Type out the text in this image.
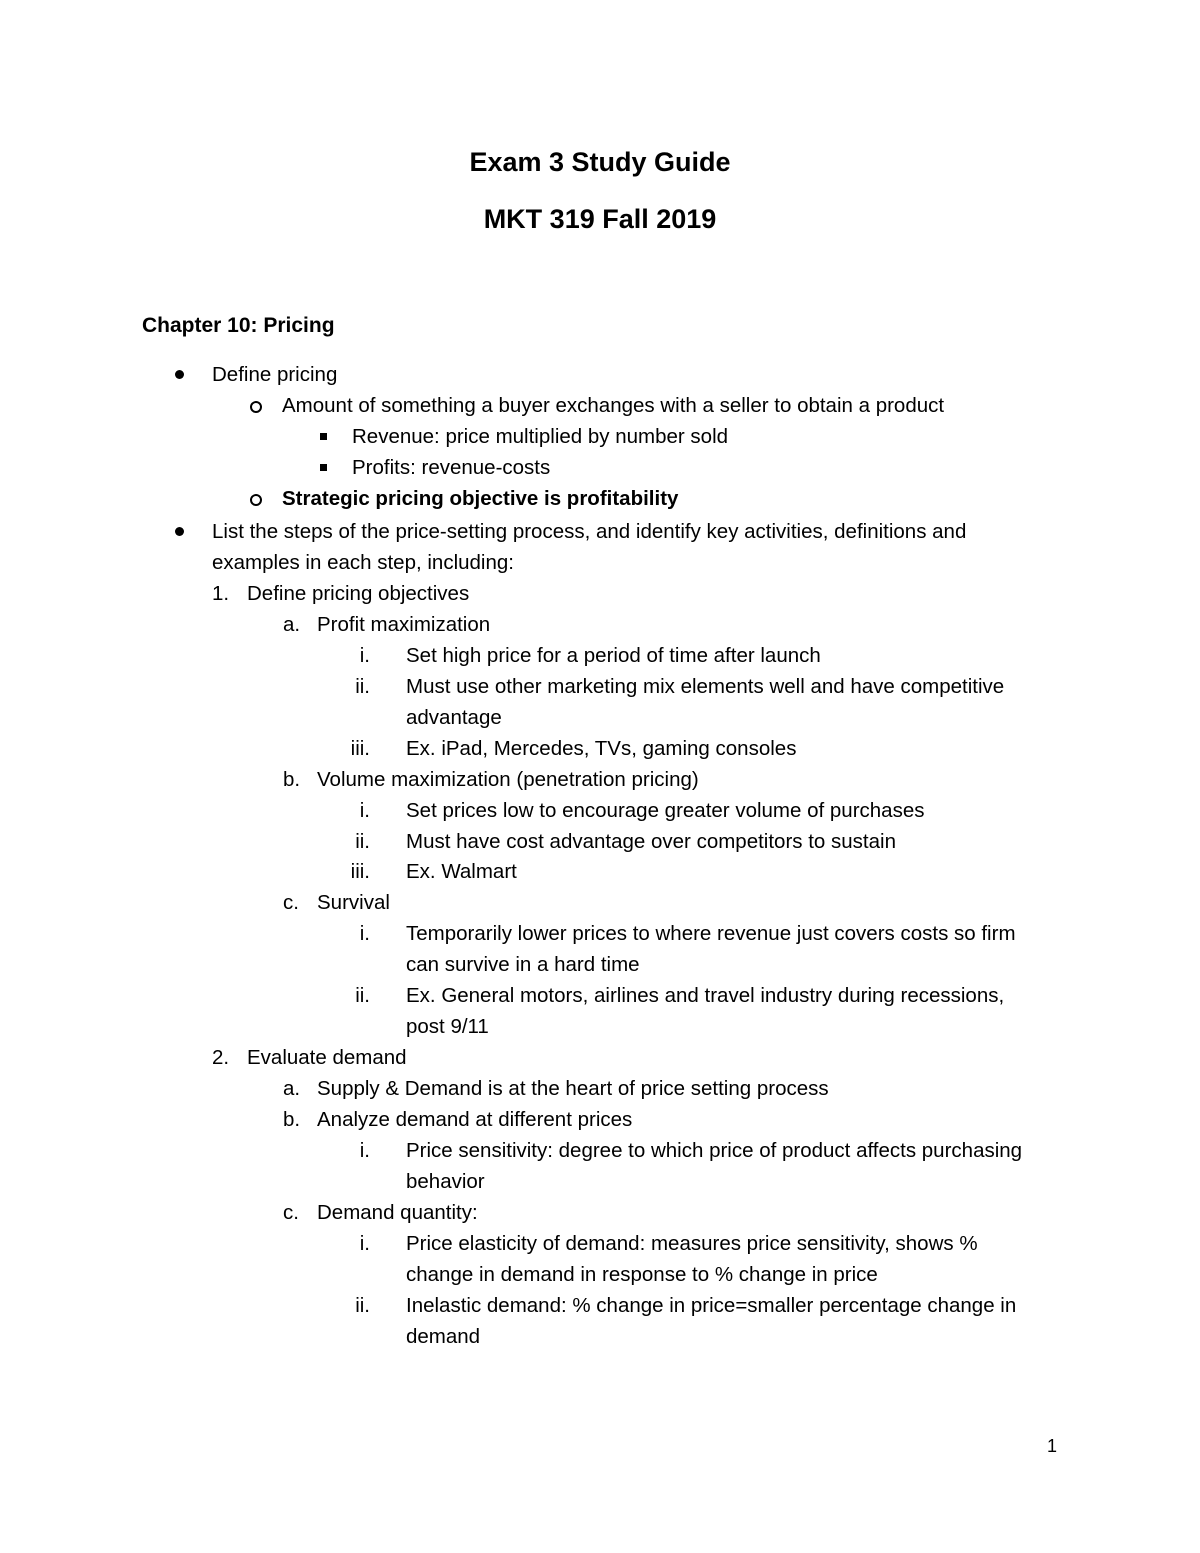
Exam 3 Study Guide
MKT 319 Fall 2019
Chapter 10: Pricing
Define pricing
Amount of something a buyer exchanges with a seller to obtain a product
Revenue: price multiplied by number sold
Profits: revenue-costs
Strategic pricing objective is profitability
List the steps of the price-setting process, and identify key activities, definitions and
examples in each step, including:
1. Define pricing objectives
a. Profit maximization
i. Set high price for a period of time after launch
ii. Must use other marketing mix elements well and have competitive
advantage
iii. Ex. iPad, Mercedes, TVs, gaming consoles
b. Volume maximization (penetration pricing)
i. Set prices low to encourage greater volume of purchases
ii. Must have cost advantage over competitors to sustain
iii. Ex. Walmart
c. Survival
i. Temporarily lower prices to where revenue just covers costs so firm
can survive in a hard time
ii. Ex. General motors, airlines and travel industry during recessions,
post 9/11
2. Evaluate demand
a. Supply & Demand is at the heart of price setting process
b. Analyze demand at different prices
i. Price sensitivity: degree to which price of product affects purchasing
behavior
c. Demand quantity:
i. Price elasticity of demand: measures price sensitivity, shows %
change in demand in response to % change in price
ii. Inelastic demand: % change in price=smaller percentage change in
demand
1
